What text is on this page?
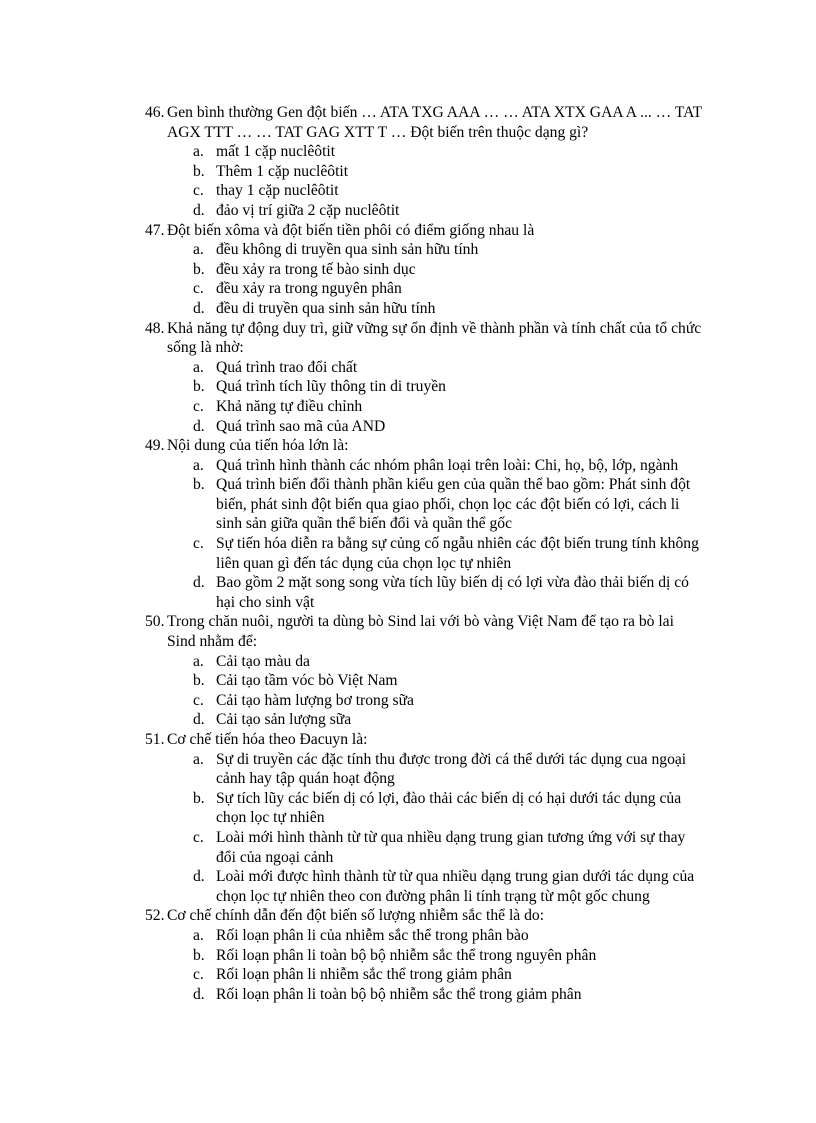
46. Gen bình thường Gen đột biến … ATA TXG AAA … … ATA XTX GAA A ... … TAT AGX TTT … … TAT GAG XTT T … Đột biến trên thuộc dạng gì?
a. mất 1 cặp nuclêôtit
b. Thêm 1 cặp nuclêôtit
c. thay 1 cặp nuclêôtit
d. đảo vị trí giữa 2 cặp nuclêôtit
47. Đột biến xôma và đột biến tiền phôi có điểm giống nhau là
a. đều không di truyền qua sinh sản hữu tính
b. đều xảy ra trong tế bào sinh dục
c. đều xảy ra trong nguyên phân
d. đều di truyền qua sinh sản hữu tính
48. Khả năng tự động duy trì, giữ vững sự ổn định về thành phần và tính chất của tổ chức sống là nhờ:
a. Quá trình trao đổi chất
b. Quá trình tích lũy thông tin di truyền
c. Khả năng tự điều chỉnh
d. Quá trình sao mã của AND
49. Nội dung của tiến hóa lớn là:
a. Quá trình hình thành các nhóm phân loại trên loài: Chi, họ, bộ, lớp, ngành
b. Quá trình biến đổi thành phần kiểu gen của quần thể bao gồm: Phát sinh đột biến, phát sinh đột biến qua giao phối, chọn lọc các đột biến có lợi, cách li sinh sản giữa quần thể biến đổi và quần thể gốc
c. Sự tiến hóa diễn ra bằng sự củng cố ngẫu nhiên các đột biến trung tính không liên quan gì đến tác dụng của chọn lọc tự nhiên
d. Bao gồm 2 mặt song song vừa tích lũy biến dị có lợi vừa đào thải biến dị có hại cho sinh vật
50. Trong chăn nuôi, người ta dùng bò Sind lai với bò vàng Việt Nam để tạo ra bò lai Sind nhằm để:
a. Cải tạo màu da
b. Cải tạo tầm vóc bò Việt Nam
c. Cải tạo hàm lượng bơ trong sữa
d. Cải tạo sản lượng sữa
51. Cơ chế tiến hóa theo Đacuyn là:
a. Sự di truyền các đặc tính thu được trong đời cá thể dưới tác dụng cua ngoại cảnh hay tập quán hoạt động
b. Sự tích lũy các biến dị có lợi, đào thải các biến dị có hại dưới tác dụng của chọn lọc tự nhiên
c. Loài mới hình thành từ từ qua nhiều dạng trung gian tương ứng với sự thay đổi của ngoại cảnh
d. Loài mới được hình thành từ từ qua nhiều dạng trung gian dưới tác dụng của chọn lọc tự nhiên theo con đường phân li tính trạng từ một gốc chung
52. Cơ chế chính dẫn đến đột biến số lượng nhiễm sắc thể là do:
a. Rối loạn phân li của nhiễm sắc thể trong phân bào
b. Rối loạn phân li toàn bộ bộ nhiễm sắc thể trong nguyên phân
c. Rối loạn phân li nhiễm sắc thể trong giảm phân
d. Rối loạn phân li toàn bộ bộ nhiễm sắc thể trong giảm phân
